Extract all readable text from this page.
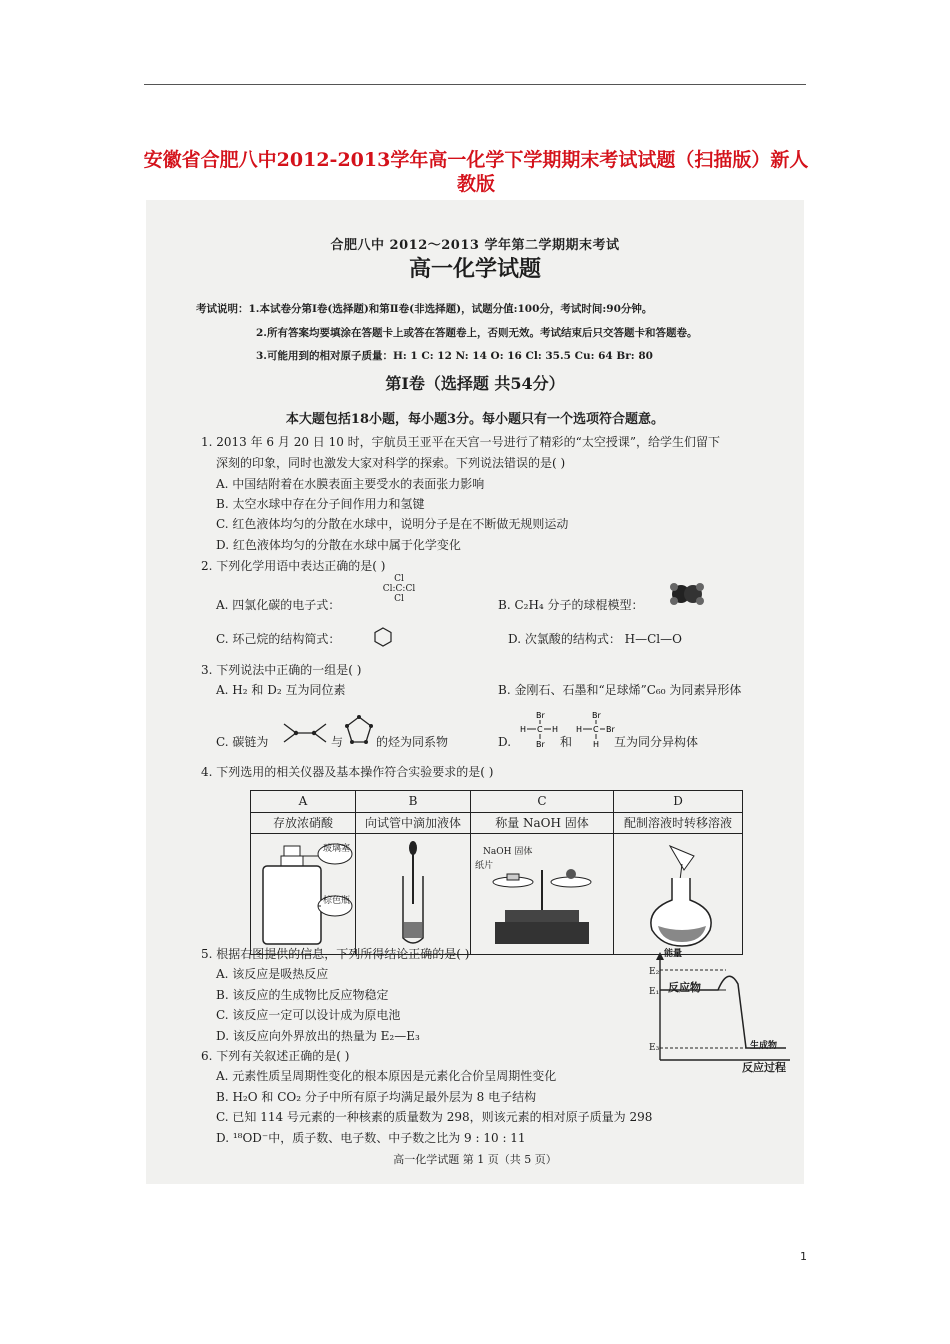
安徽省合肥八中2012-2013学年高一化学下学期期末考试试题（扫描版）新人教版
合肥八中 2012～2013 学年第二学期期末考试
高一化学试题
考试说明：1.本试卷分第Ⅰ卷(选择题)和第Ⅱ卷(非选择题)，试题分值:100分，考试时间:90分钟。
2.所有答案均要填涂在答题卡上或答在答题卷上，否则无效。考试结束后只交答题卡和答题卷。
3.可能用到的相对原子质量：H: 1 C: 12 N: 14 O: 16 Cl: 35.5 Cu: 64 Br: 80
第Ⅰ卷（选择题 共54分）
本大题包括18小题，每小题3分。每小题只有一个选项符合题意。
1. 2013 年 6 月 20 日 10 时，宇航员王亚平在天宫一号进行了精彩的“太空授课”，给学生们留下
深刻的印象，同时也激发大家对科学的探索。下列说法错误的是( )
A. 中国结附着在水膜表面主要受水的表面张力影响
B. 太空水球中存在分子间作用力和氢键
C. 红色液体均匀的分散在水球中，说明分子是在不断做无规则运动
D. 红色液体均匀的分散在水球中属于化学变化
2. 下列化学用语中表达正确的是( )
A. 四氯化碳的电子式：
Cl
Cl:C:Cl
Cl	B. C₂H₄ 分子的球棍模型：
C. 环己烷的结构简式：	D. 次氯酸的结构式： H—Cl—O
3. 下列说法中正确的一组是( )
A. H₂ 和 D₂ 互为同位素	B. 金刚石、石墨和“足球烯”C₆₀ 为同素异形体
C. 碳链为	与	的烃为同系物	D.
Br
H C H
Br 和
Br
H C Br
H 互为同分异构体
4. 下列选用的相关仪器及基本操作符合实验要求的是( )
A	B	C	D
存放浓硝酸	向试管中滴加液体	称量 NaOH 固体	配制溶液时转移溶液

玻璃塞
棕色瓶		NaOH 固体
纸片

5. 根据右图提供的信息，下列所得结论正确的是( )
A. 该反应是吸热反应
B. 该反应的生成物比反应物稳定
C. 该反应一定可以设计成为原电池
D. 该反应向外界放出的热量为 E₂—E₃
能量
E₂
E₁
E₃
反应物
生成物
反应过程
6. 下列有关叙述正确的是( )
A. 元素性质呈周期性变化的根本原因是元素化合价呈周期性变化
B. H₂O 和 CO₂ 分子中所有原子均满足最外层为 8 电子结构
C. 已知 114 号元素的一种核素的质量数为 298，则该元素的相对原子质量为 298
D. ¹⁸OD⁻中，质子数、电子数、中子数之比为 9 : 10 : 11
高一化学试题 第 1 页（共 5 页）
1
